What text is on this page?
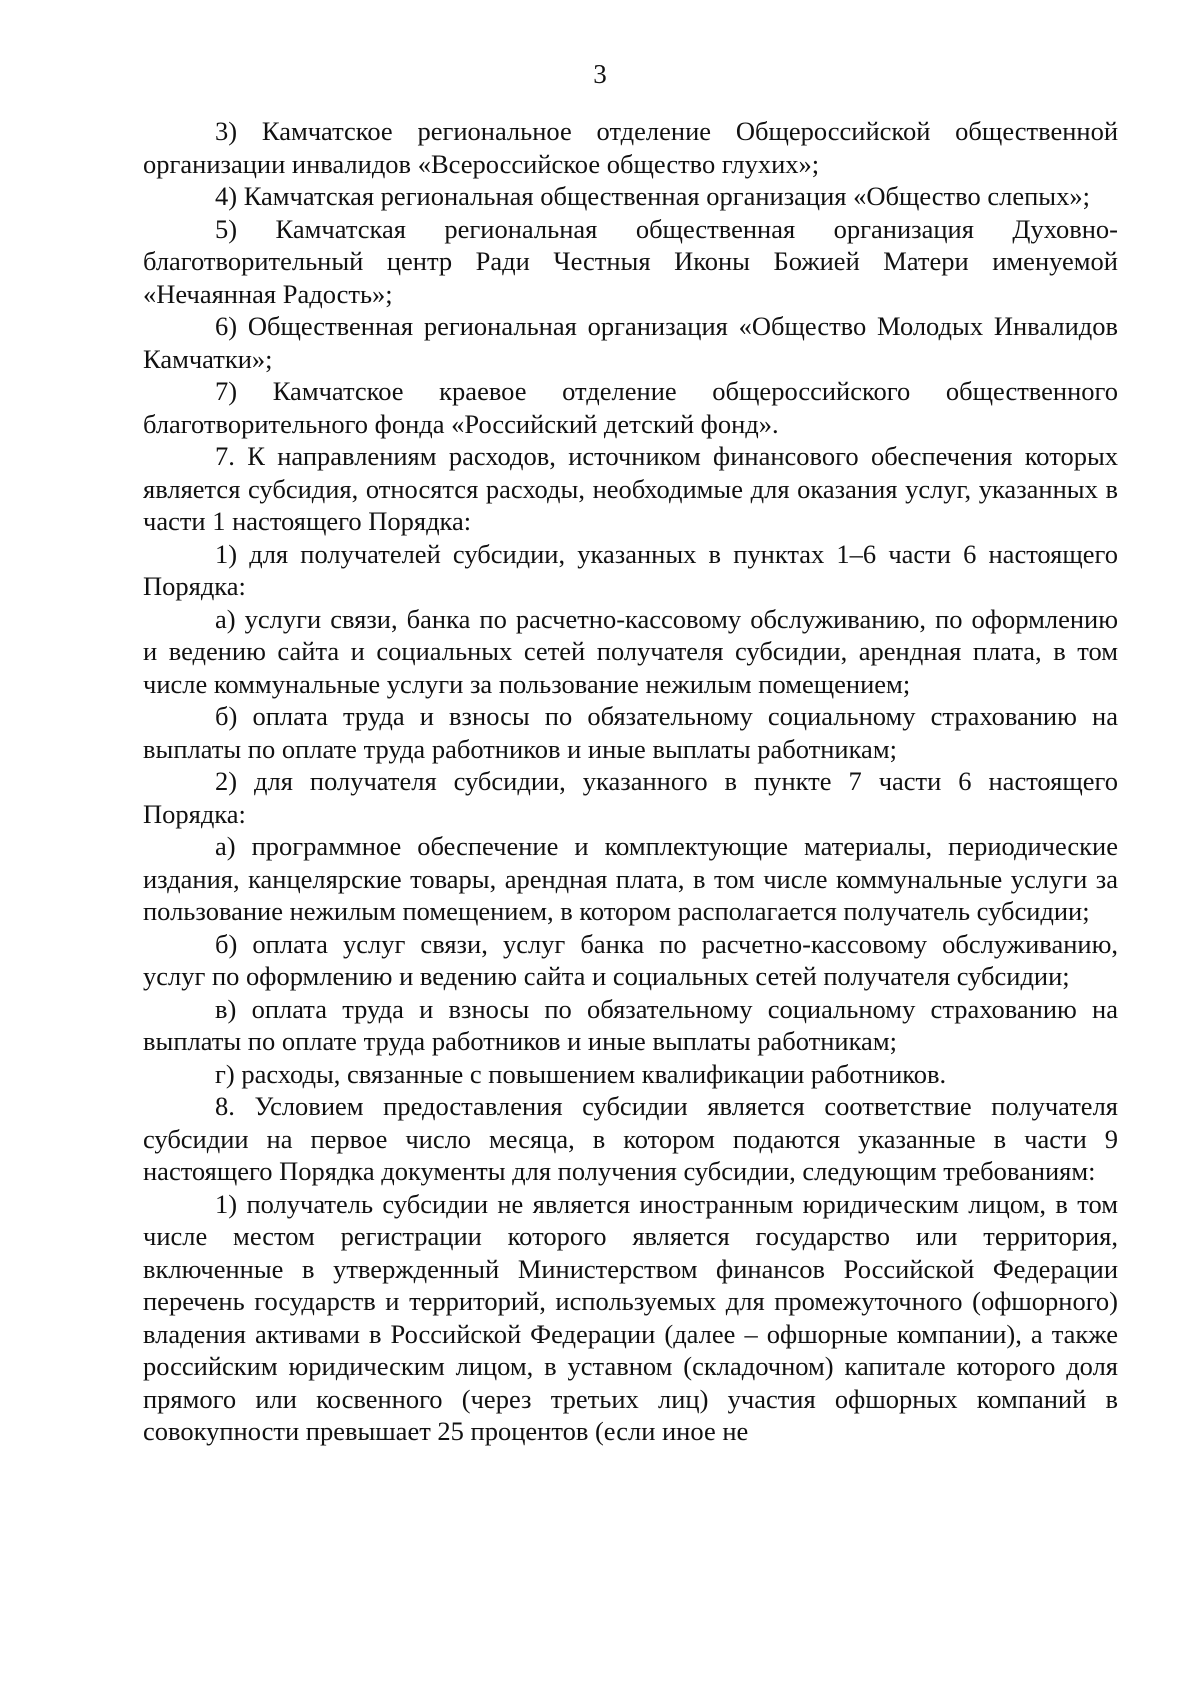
3

3) Камчатское региональное отделение Общероссийской общественной организации инвалидов «Всероссийское общество глухих»;

4) Камчатская региональная общественная организация «Общество слепых»;

5) Камчатская региональная общественная организация Духовно-благотворительный центр Ради Честныя Иконы Божией Матери именуемой «Нечаянная Радость»;

6) Общественная региональная организация «Общество Молодых Инвалидов Камчатки»;

7) Камчатское краевое отделение общероссийского общественного благотворительного фонда «Российский детский фонд».

7. К направлениям расходов, источником финансового обеспечения которых является субсидия, относятся расходы, необходимые для оказания услуг, указанных в части 1 настоящего Порядка:

1) для получателей субсидии, указанных в пунктах 1–6 части 6 настоящего Порядка:

а) услуги связи, банка по расчетно-кассовому обслуживанию, по оформлению и ведению сайта и социальных сетей получателя субсидии, арендная плата, в том числе коммунальные услуги за пользование нежилым помещением;

б) оплата труда и взносы по обязательному социальному страхованию на выплаты по оплате труда работников и иные выплаты работникам;

2) для получателя субсидии, указанного в пункте 7 части 6 настоящего Порядка:

а) программное обеспечение и комплектующие материалы, периодические издания, канцелярские товары, арендная плата, в том числе коммунальные услуги за пользование нежилым помещением, в котором располагается получатель субсидии;

б) оплата услуг связи, услуг банка по расчетно-кассовому обслуживанию, услуг по оформлению и ведению сайта и социальных сетей получателя субсидии;

в) оплата труда и взносы по обязательному социальному страхованию на выплаты по оплате труда работников и иные выплаты работникам;

г) расходы, связанные с повышением квалификации работников.

8. Условием предоставления субсидии является соответствие получателя субсидии на первое число месяца, в котором подаются указанные в части 9 настоящего Порядка документы для получения субсидии, следующим требованиям:

1) получатель субсидии не является иностранным юридическим лицом, в том числе местом регистрации которого является государство или территория, включенные в утвержденный Министерством финансов Российской Федерации перечень государств и территорий, используемых для промежуточного (офшорного) владения активами в Российской Федерации (далее – офшорные компании), а также российским юридическим лицом, в уставном (складочном) капитале которого доля прямого или косвенного (через третьих лиц) участия офшорных компаний в совокупности превышает 25 процентов (если иное не
